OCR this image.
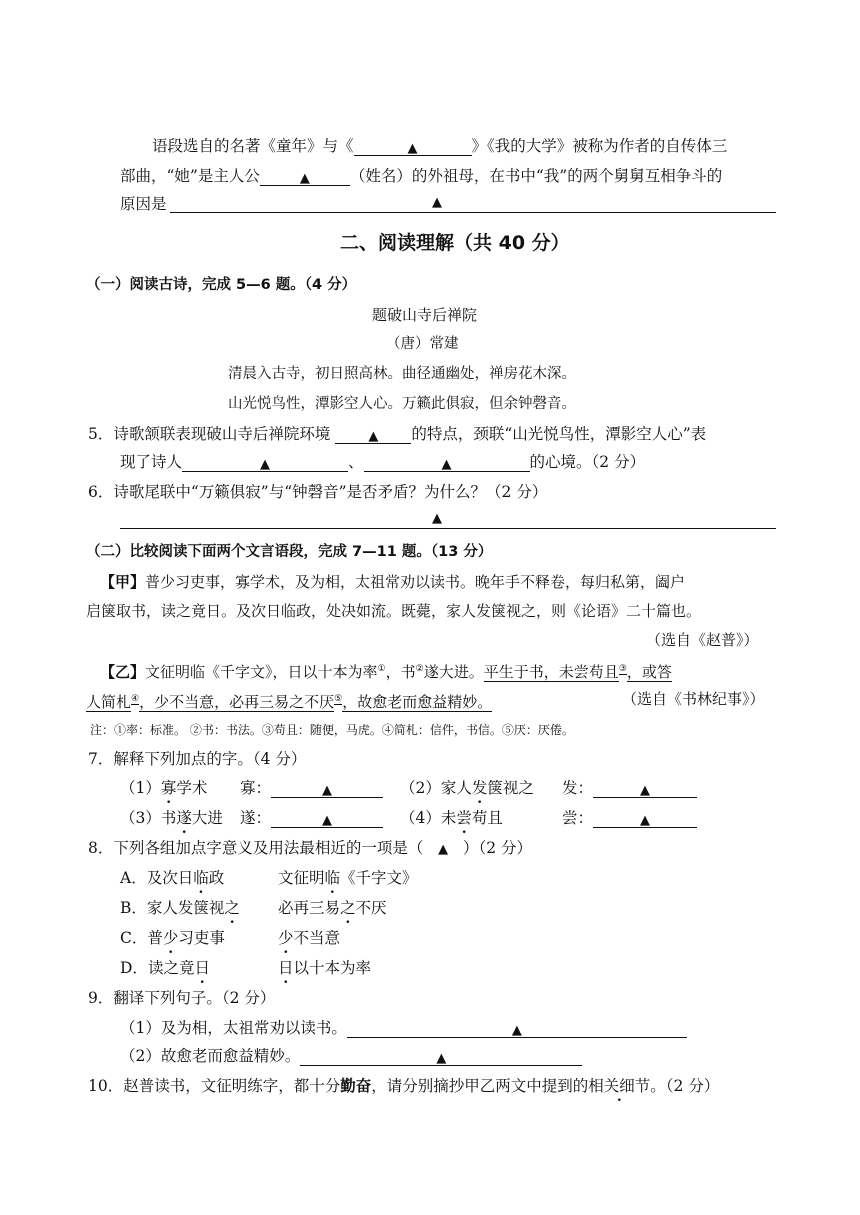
语段选自的名著《童年》与《	▲	》《我的大学》被称为作者的自传体三
部曲，“她”是主人公	▲	（姓名）的外祖母，在书中“我”的两个舅舅互相争斗的
原因是	▲
二、阅读理解（共 40 分）
（一）阅读古诗，完成 5—6 题。（4 分）
题破山寺后禅院
（唐）常建
清晨入古寺，初日照高林。曲径通幽处，禅房花木深。
山光悦鸟性，潭影空人心。万籁此俱寂，但余钟磬音。
5．诗歌颔联表现破山寺后禅院环境	▲ 的特点，颈联“山光悦鸟性，潭影空人心”表
现了诗人	▲	、	▲	的心境。（2 分）
6．诗歌尾联中“万籁俱寂”与“钟磬音”是否矛盾？为什么？（2 分）
▲
（二）比较阅读下面两个文言语段，完成 7—11 题。（13 分）
【甲】普少习吏事，寡学术，及为相，太祖常劝以读书。晚年手不释卷，每归私第，阖户
启箧取书，读之竟日。及次日临政，处决如流。既薨，家人发箧视之，则《论语》二十篇也。
（选自《赵普》）
【乙】文征明临《千字文》，日以十本为率①，书②遂大进。平生于书，未尝苟且③，或答
人简札④，少不当意，必再三易之不厌⑤，故愈老而愈益精妙。	（选自《书林纪事》）
注：①率：标准。 ②书：书法。③苟且：随便，马虎。④简札：信件，书信。⑤厌：厌倦。
7．解释下列加点的字。（4 分）
（1）寡学术 寡：	▲	（2）家人发箧视之 发：	▲
（3）书遂大进 遂：	▲	（4）未尝苟且	尝：	▲
8．下列各组加点字意义及用法最相近的一项是（ ▲ ）（2 分）
A．及次日临政	文征明临《千字文》
B．家人发箧视之 必再三易之不厌
C．普少习吏事	少不当意
D．读之竟日	日以十本为率
9．翻译下列句子。（2 分）
（1）及为相，太祖常劝以读书。	▲
（2）故愈老而愈益精妙。	▲
10．赵普读书，文征明练字，都十分勤奋，请分别摘抄甲乙两文中提到的相关细节。（2 分）
